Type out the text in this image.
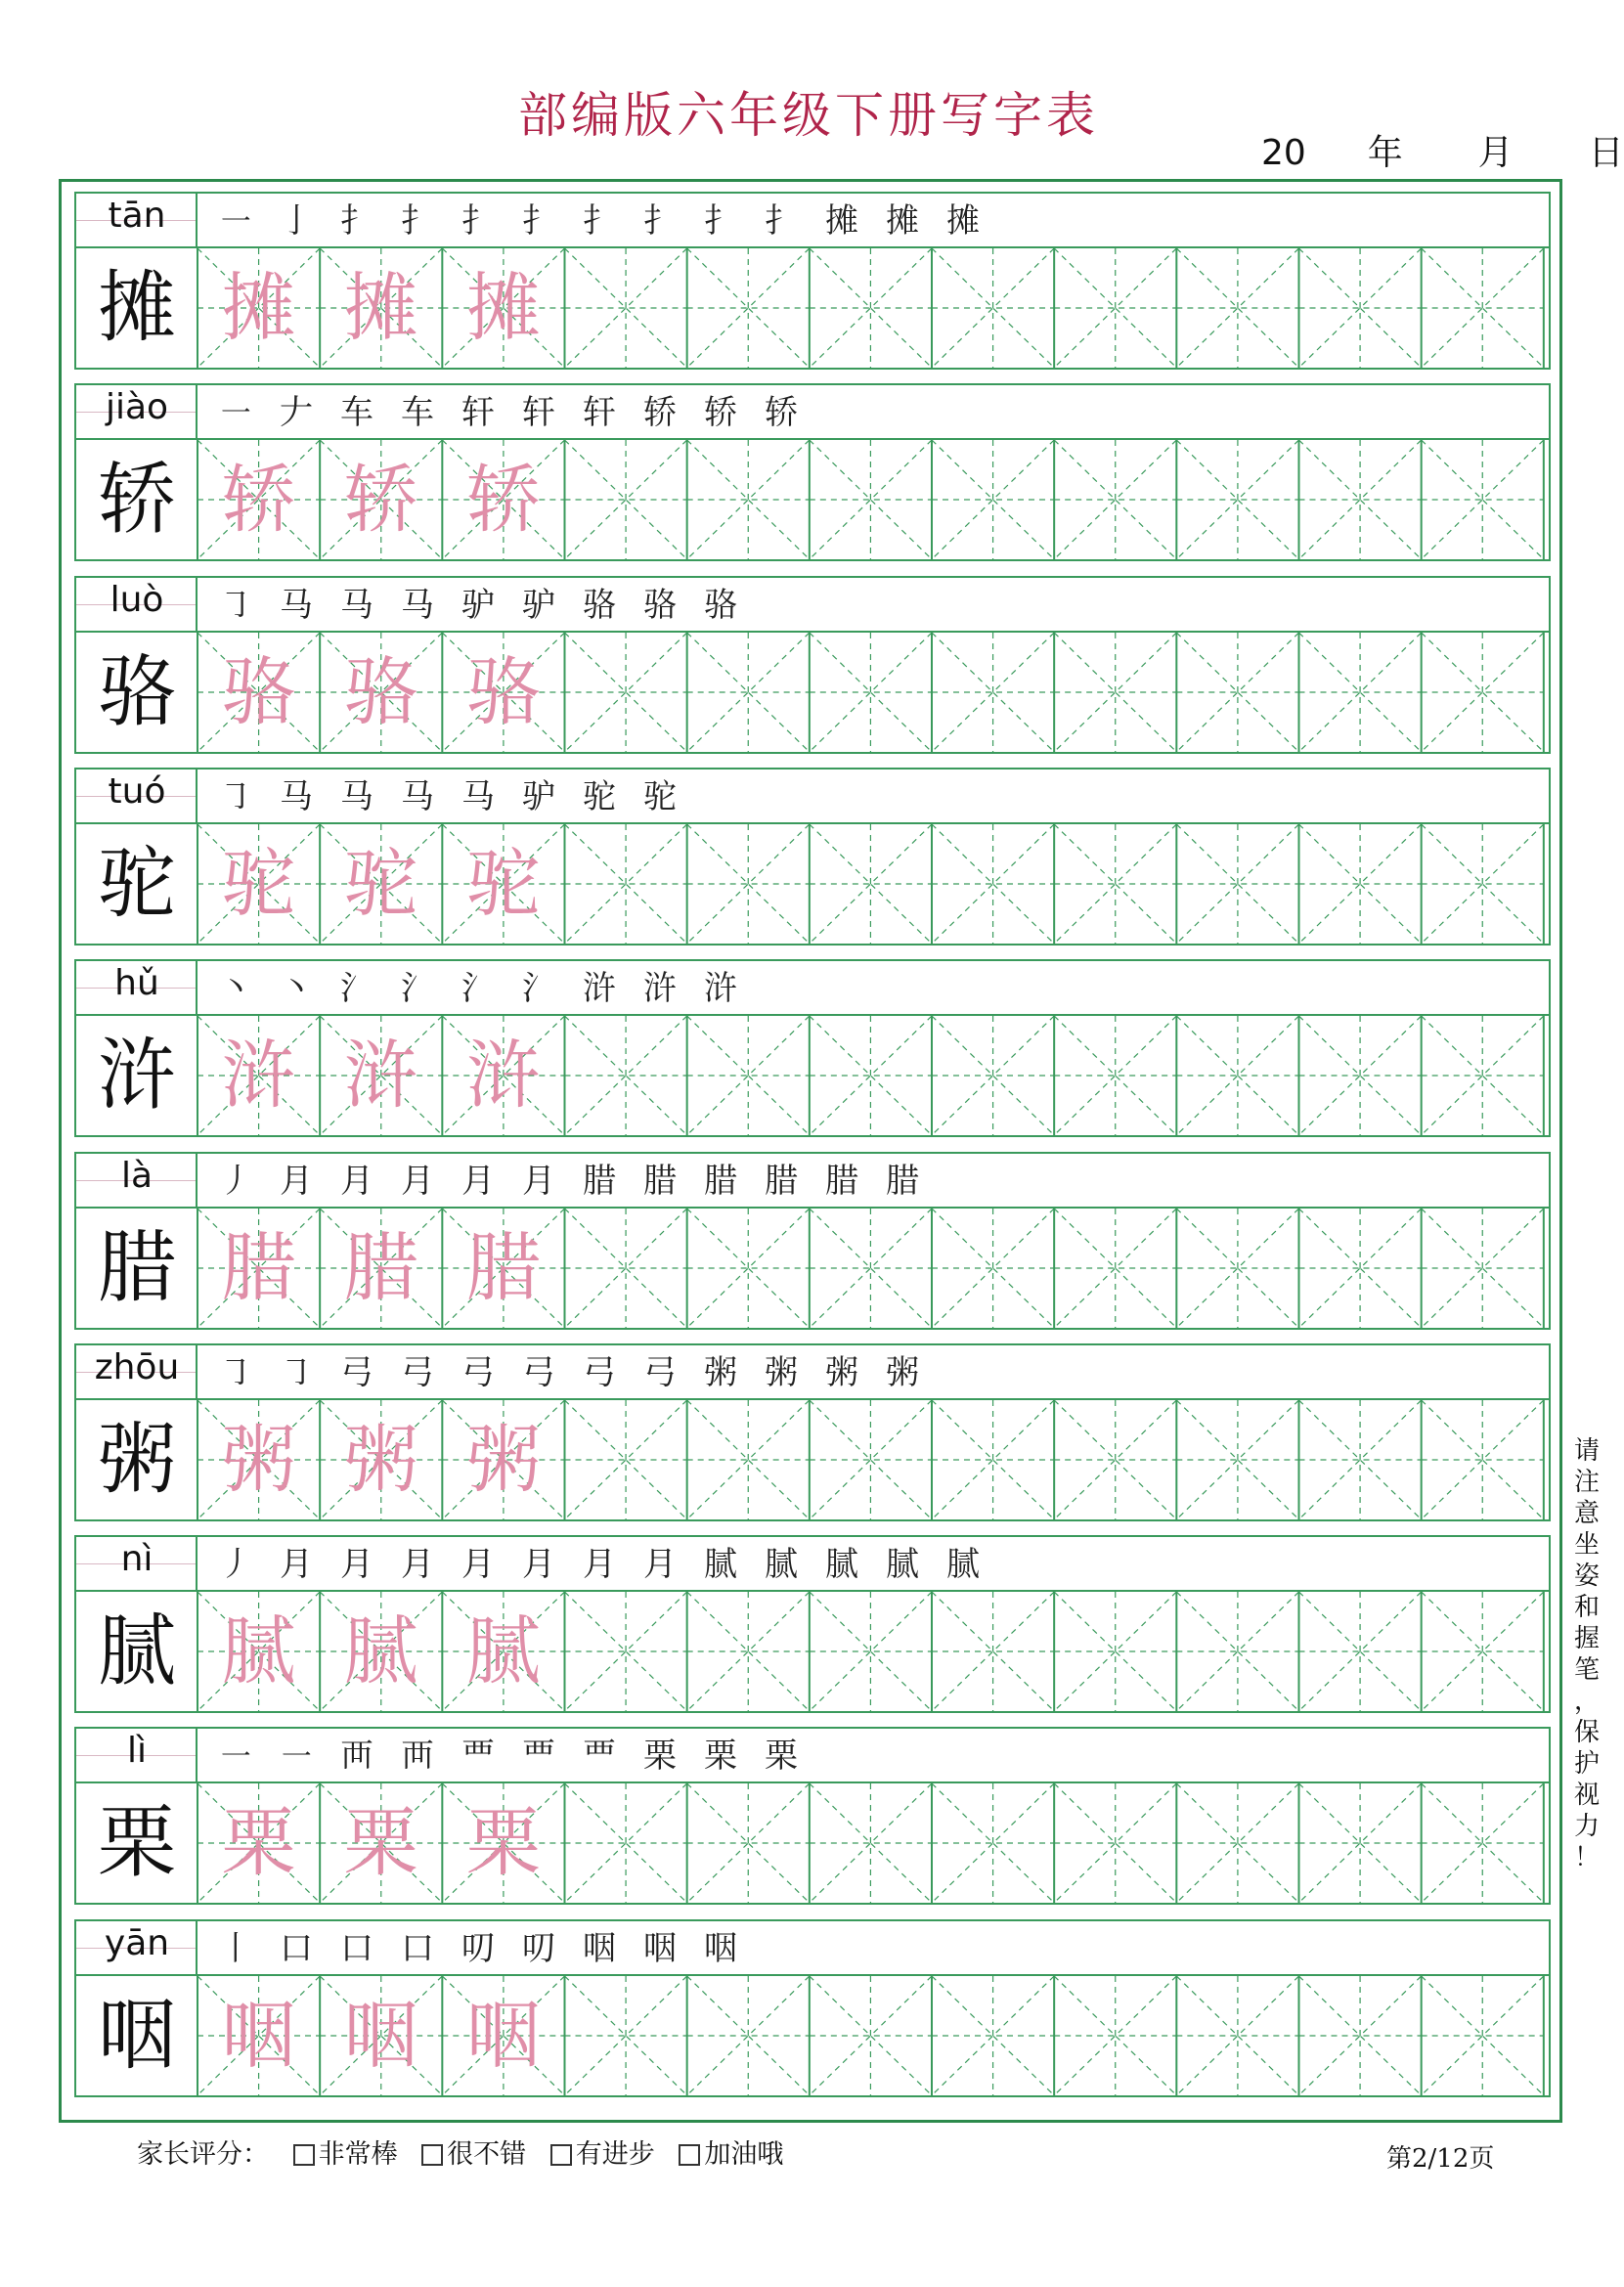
部编版六年级下册写字表
20 年 月 日
tān	㇐ 亅 扌 扌 扌 扌 扌 扌 扌 扌 摊 摊 摊
摊 摊 摊 摊
jiào	㇐ 𠂇 车 车 轩 轩 轩 轿 轿 轿
轿 轿 轿 轿
luò	㇆ 马 马 马 驴 驴 骆 骆 骆
骆 骆 骆 骆
tuó	㇆ 马 马 马 马 驴 驼 驼
驼 驼 驼 驼
hǔ	丶 丶 氵 氵 氵 氵 浒 浒 浒
浒 浒 浒 浒
là	丿 月 月 月 月 月 腊 腊 腊 腊 腊 腊
腊 腊 腊 腊
zhōu	㇆ ㇆ 弓 弓 弓 弓 弓 弓 粥 粥 粥 粥
粥 粥 粥 粥
nì	丿 月 月 月 月 月 月 月 腻 腻 腻 腻 腻
腻 腻 腻 腻
lì	㇐ ㇐ 襾 襾 覀 覀 覀 栗 栗 栗
栗 栗 栗 栗
yān	丨 口 口 口 叨 叨 咽 咽 咽
咽 咽 咽 咽
请
注
意
坐
姿
和
握
笔
，
保
护
视
力
！
家长评分： 非常棒 很不错 有进步 加油哦	第2/12页
